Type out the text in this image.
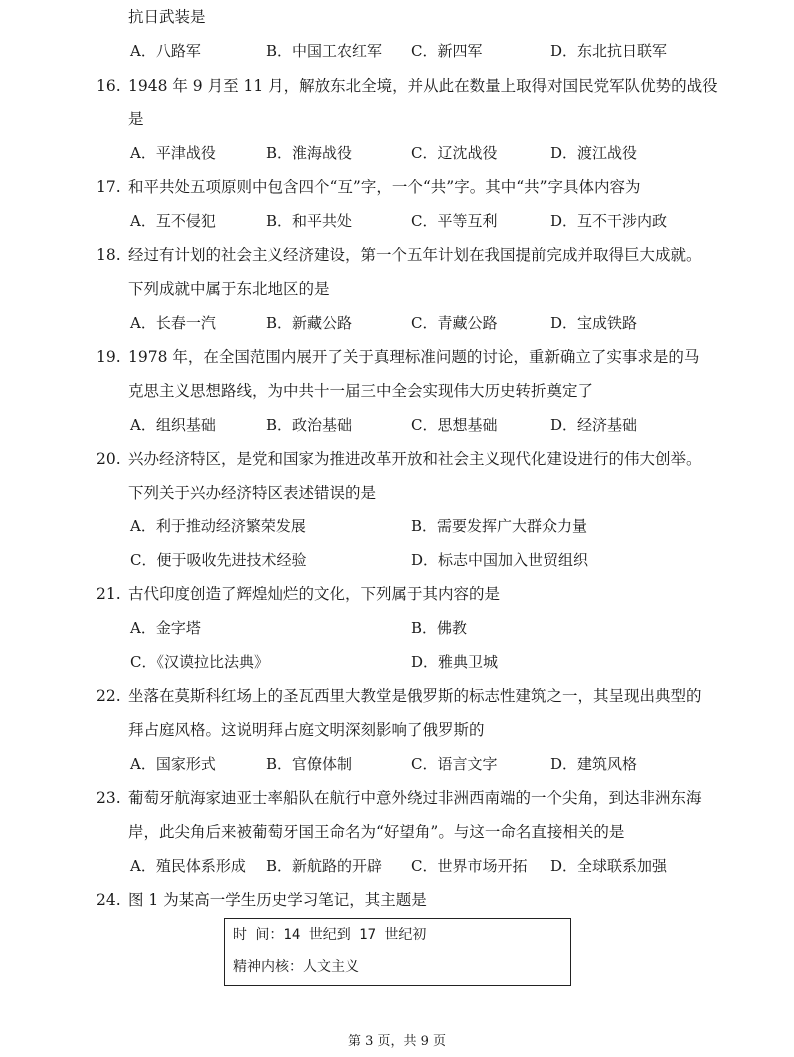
抗日武装是
A．八路军	B．中国工农红军 C．新四军	D．东北抗日联军
16. 1948 年 9 月至 11 月，解放东北全境，并从此在数量上取得对国民党军队优势的战役
是
A．平津战役	B．淮海战役	C．辽沈战役	D．渡江战役
17. 和平共处五项原则中包含四个“互”字，一个“共”字。其中“共”字具体内容为
A．互不侵犯	B．和平共处	C．平等互利	D．互不干涉内政
18. 经过有计划的社会主义经济建设，第一个五年计划在我国提前完成并取得巨大成就。
下列成就中属于东北地区的是
A．长春一汽	B．新藏公路	C．青藏公路	D．宝成铁路
19. 1978 年，在全国范围内展开了关于真理标准问题的讨论，重新确立了实事求是的马
克思主义思想路线，为中共十一届三中全会实现伟大历史转折奠定了
A．组织基础	B．政治基础	C．思想基础	D．经济基础
20. 兴办经济特区，是党和国家为推进改革开放和社会主义现代化建设进行的伟大创举。
下列关于兴办经济特区表述错误的是
A．利于推动经济繁荣发展	B．需要发挥广大群众力量
C．便于吸收先进技术经验	D．标志中国加入世贸组织
21. 古代印度创造了辉煌灿烂的文化，下列属于其内容的是
A．金字塔	B．佛教
C．《汉谟拉比法典》	D．雅典卫城
22. 坐落在莫斯科红场上的圣瓦西里大教堂是俄罗斯的标志性建筑之一，其呈现出典型的
拜占庭风格。这说明拜占庭文明深刻影响了俄罗斯的
A．国家形式	B．官僚体制	C．语言文字	D．建筑风格
23. 葡萄牙航海家迪亚士率船队在航行中意外绕过非洲西南端的一个尖角，到达非洲东海
岸，此尖角后来被葡萄牙国王命名为“好望角”。与这一命名直接相关的是
A．殖民体系形成 B．新航路的开辟 C．世界市场开拓 D．全球联系加强
24. 图 1 为某高一学生历史学习笔记，其主题是
时 间：14 世纪到 17 世纪初
精神内核：人文主义
第 3 页，共 9 页
